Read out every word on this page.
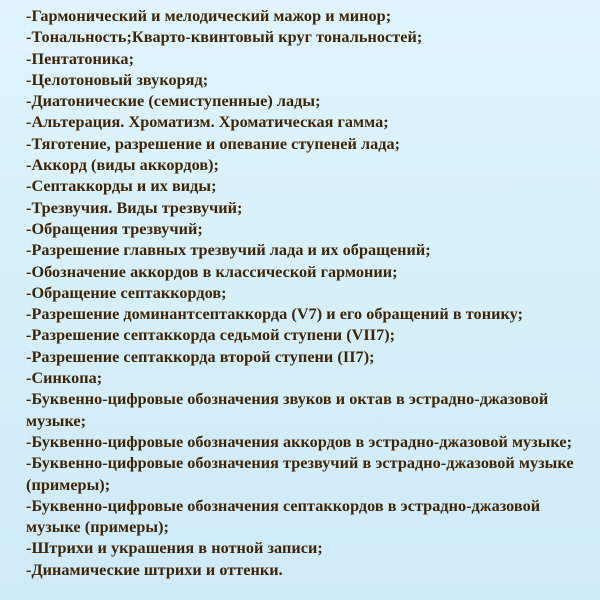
-Гармонический и мелодический мажор и минор;
-Тональность;Кварто-квинтовый круг тональностей;
-Пентатоника;
-Целотоновый звукоряд;
-Диатонические (семиступенные) лады;
-Альтерация. Хроматизм. Хроматическая гамма;
-Тяготение, разрешение и опевание ступеней лада;
-Аккорд (виды аккордов);
-Септаккорды и их виды;
-Трезвучия. Виды трезвучий;
-Обращения трезвучий;
-Разрешение главных трезвучий лада и их обращений;
-Обозначение аккордов в классической гармонии;
-Обращение септаккордов;
-Разрешение доминантсептаккорда (V7) и его обращений в тонику;
-Разрешение септаккорда седьмой ступени (VII7);
-Разрешение септаккорда второй ступени (II7);
-Синкопа;
-Буквенно-цифровые обозначения звуков и октав в эстрадно-джазовой музыке;
-Буквенно-цифровые обозначения аккордов в эстрадно-джазовой музыке;
-Буквенно-цифровые обозначения трезвучий в эстрадно-джазовой музыке (примеры);
-Буквенно-цифровые обозначения септаккордов в эстрадно-джазовой музыке (примеры);
-Штрихи и украшения в нотной записи;
-Динамические штрихи и оттенки.
